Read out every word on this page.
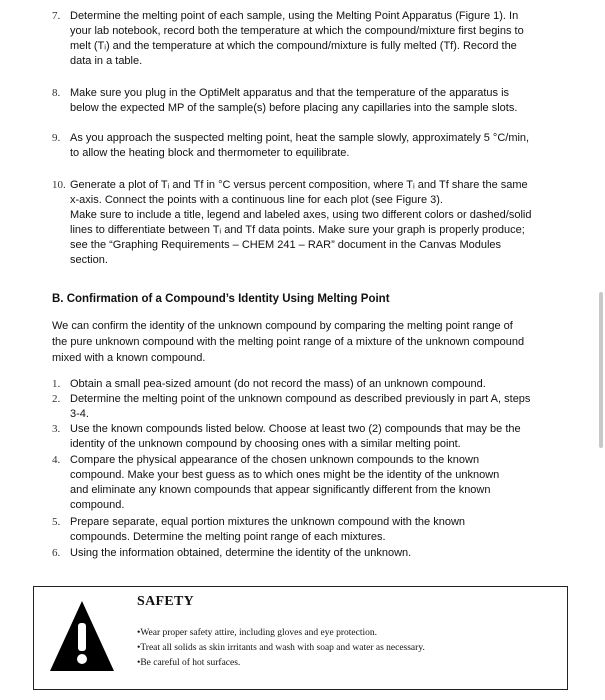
7. Determine the melting point of each sample, using the Melting Point Apparatus (Figure 1). In
your lab notebook, record both the temperature at which the compound/mixture first begins to
melt (Tᵢ) and the temperature at which the compound/mixture is fully melted (Tf). Record the
data in a table.
8. Make sure you plug in the OptiMelt apparatus and that the temperature of the apparatus is
below the expected MP of the sample(s) before placing any capillaries into the sample slots.
9. As you approach the suspected melting point, heat the sample slowly, approximately 5 °C/min,
to allow the heating block and thermometer to equilibrate.
10. Generate a plot of Tᵢ and Tf in °C versus percent composition, where Tᵢ and Tf share the same
x-axis. Connect the points with a continuous line for each plot (see Figure 3).
Make sure to include a title, legend and labeled axes, using two different colors or dashed/solid
lines to differentiate between Tᵢ and Tf data points. Make sure your graph is properly produce;
see the “Graphing Requirements – CHEM 241 – RAR” document in the Canvas Modules
section.
B. Confirmation of a Compound’s Identity Using Melting Point
We can confirm the identity of the unknown compound by comparing the melting point range of
the pure unknown compound with the melting point range of a mixture of the unknown compound
mixed with a known compound.
1. Obtain a small pea-sized amount (do not record the mass) of an unknown compound.
2. Determine the melting point of the unknown compound as described previously in part A, steps
3-4.
3. Use the known compounds listed below. Choose at least two (2) compounds that may be the
identity of the unknown compound by choosing ones with a similar melting point.
4. Compare the physical appearance of the chosen unknown compounds to the known
compound. Make your best guess as to which ones might be the identity of the unknown
and eliminate any known compounds that appear significantly different from the known
compound.
5. Prepare separate, equal portion mixtures the unknown compound with the known
compounds. Determine the melting point range of each mixtures.
6. Using the information obtained, determine the identity of the unknown.
SAFETY
•Wear proper safety attire, including gloves and eye protection.
•Treat all solids as skin irritants and wash with soap and water as necessary.
•Be careful of hot surfaces.
